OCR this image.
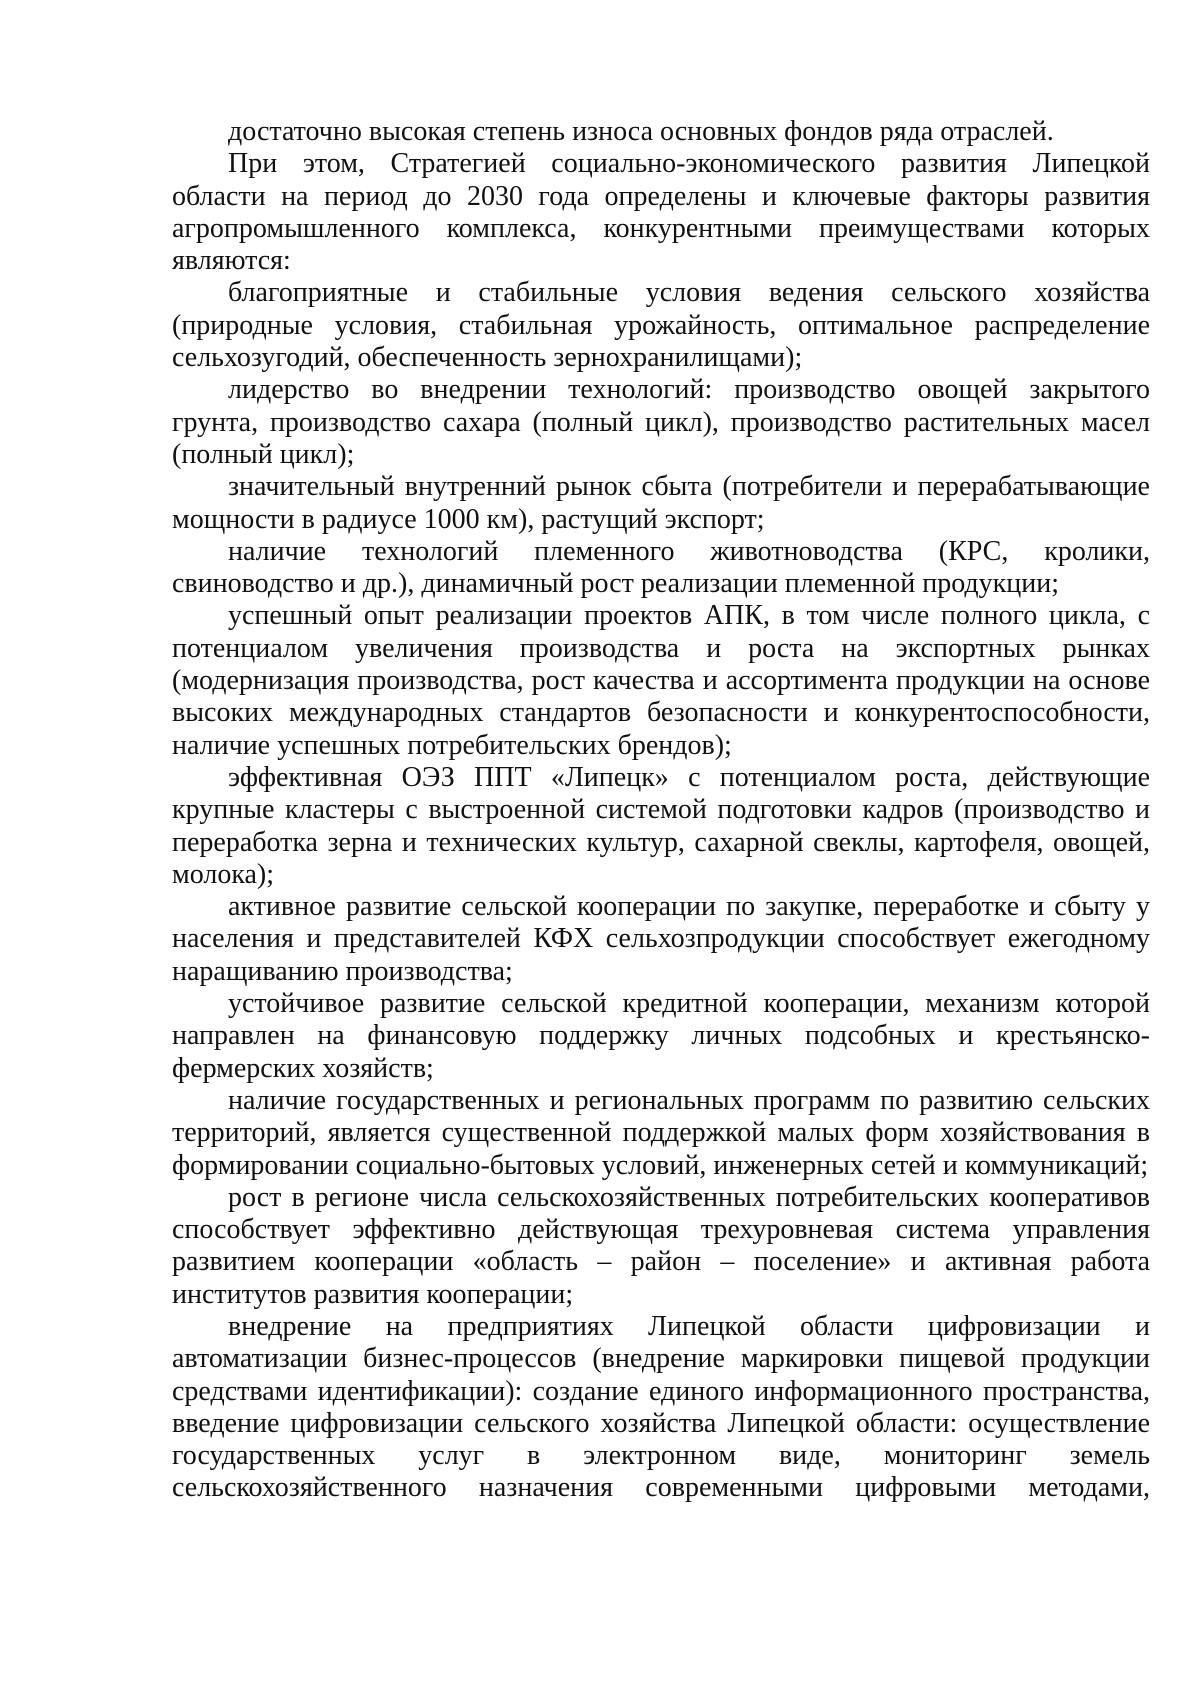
достаточно высокая степень износа основных фондов ряда отраслей.

При этом, Стратегией социально-экономического развития Липецкой области на период до 2030 года определены и ключевые факторы развития агропромышленного комплекса, конкурентными преимуществами которых являются:

благоприятные и стабильные условия ведения сельского хозяйства (природные условия, стабильная урожайность, оптимальное распределение сельхозугодий, обеспеченность зернохранилищами);

лидерство во внедрении технологий: производство овощей закрытого грунта, производство сахара (полный цикл), производство растительных масел (полный цикл);

значительный внутренний рынок сбыта (потребители и перерабатывающие мощности в радиусе 1000 км), растущий экспорт;

наличие технологий племенного животноводства (КРС, кролики, свиноводство и др.), динамичный рост реализации племенной продукции;

успешный опыт реализации проектов АПК, в том числе полного цикла, с потенциалом увеличения производства и роста на экспортных рынках (модернизация производства, рост качества и ассортимента продукции на основе высоких международных стандартов безопасности и конкурентоспособности, наличие успешных потребительских брендов);

эффективная ОЭЗ ППТ «Липецк» с потенциалом роста, действующие крупные кластеры с выстроенной системой подготовки кадров (производство и переработка зерна и технических культур, сахарной свеклы, картофеля, овощей, молока);

активное развитие сельской кооперации по закупке, переработке и сбыту у населения и представителей КФХ сельхозпродукции способствует ежегодному наращиванию производства;

устойчивое развитие сельской кредитной кооперации, механизм которой направлен на финансовую поддержку личных подсобных и крестьянско-фермерских хозяйств;

наличие государственных и региональных программ по развитию сельских территорий, является существенной поддержкой малых форм хозяйствования в формировании социально-бытовых условий, инженерных сетей и коммуникаций;

рост в регионе числа сельскохозяйственных потребительских кооперативов способствует эффективно действующая трехуровневая система управления развитием кооперации «область – район – поселение» и активная работа институтов развития кооперации;

внедрение на предприятиях Липецкой области цифровизации и автоматизации бизнес-процессов (внедрение маркировки пищевой продукции средствами идентификации): создание единого информационного пространства, введение цифровизации сельского хозяйства Липецкой области: осуществление государственных услуг в электронном виде, мониторинг земель сельскохозяйственного назначения современными цифровыми методами,
